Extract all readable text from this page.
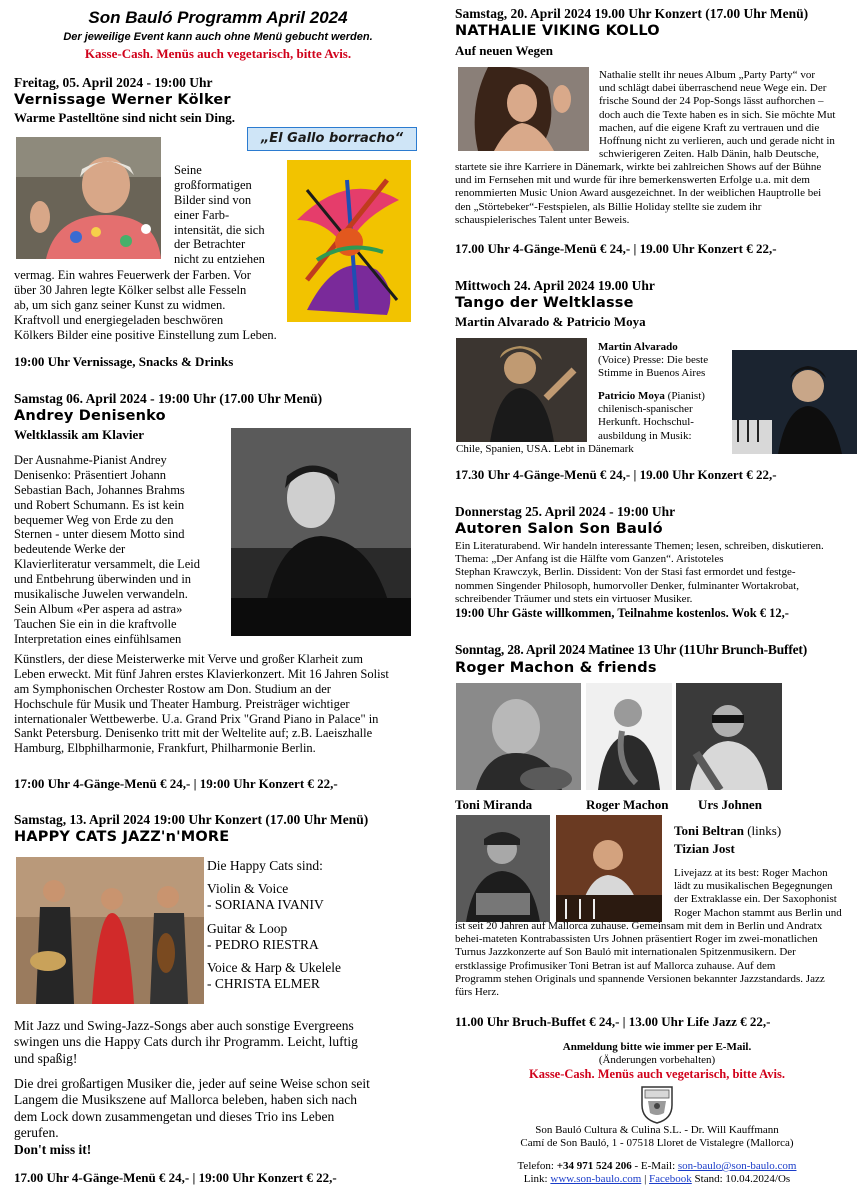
Son Bauló Programm April 2024
Der jeweilige Event kann auch ohne Menü gebucht werden.
Kasse-Cash. Menüs auch vegetarisch, bitte Avis.
Freitag, 05. April 2024 - 19:00 Uhr
Vernissage Werner Kölker
Warme Pastelltöne sind nicht sein Ding.
„El Gallo borracho“
Seine
großformatigen
Bilder sind von
einer Farb-
intensität, die sich
der Betrachter
nicht zu entziehen
vermag. Ein wahres Feuerwerk der Farben. Vor
über 30 Jahren legte Kölker selbst alle Fesseln
ab, um sich ganz seiner Kunst zu widmen.
Kraftvoll und energiegeladen beschwören
Kölkers Bilder eine positive Einstellung zum Leben.
19:00 Uhr Vernissage, Snacks & Drinks
Samstag 06. April 2024 - 19:00 Uhr (17.00 Uhr Menü)
Andrey Denisenko
Weltklassik am Klavier
Der Ausnahme-Pianist Andrey
Denisenko: Präsentiert Johann
Sebastian Bach, Johannes Brahms
und Robert Schumann. Es ist kein
bequemer Weg von Erde zu den
Sternen - unter diesem Motto sind
bedeutende Werke der
Klavierliteratur versammelt, die Leid
und Entbehrung überwinden und in
musikalische Juwelen verwandeln.
Sein Album «Per aspera ad astra»
Tauchen Sie ein in die kraftvolle
Interpretation eines einfühlsamen
Künstlers, der diese Meisterwerke mit Verve und großer Klarheit zum
Leben erweckt. Mit fünf Jahren erstes Klavierkonzert. Mit 16 Jahren Solist
am Symphonischen Orchester Rostow am Don. Studium an der
Hochschule für Musik und Theater Hamburg. Preisträger wichtiger
internationaler Wettbewerbe. U.a. Grand Prix "Grand Piano in Palace" in
Sankt Petersburg. Denisenko tritt mit der Weltelite auf; z.B. Laeiszhalle
Hamburg, Elbphilharmonie, Frankfurt, Philharmonie Berlin.
17:00 Uhr 4-Gänge-Menü € 24,- | 19:00 Uhr Konzert € 22,-
Samstag, 13. April 2024 19:00 Uhr Konzert (17.00 Uhr Menü)
HAPPY CATS JAZZ'n'MORE
Die Happy Cats sind:
Violin & Voice
- SORIANA IVANIV
Guitar & Loop
- PEDRO RIESTRA
Voice & Harp & Ukelele
- CHRISTA ELMER
Mit Jazz und Swing-Jazz-Songs aber auch sonstige Evergreens
swingen uns die Happy Cats durch ihr Programm. Leicht, luftig
und spaßig!
Die drei großartigen Musiker die, jeder auf seine Weise schon seit
Langem die Musikszene auf Mallorca beleben, haben sich nach
dem Lock down zusammengetan und dieses Trio ins Leben
gerufen.
Don't miss it!
17.00 Uhr 4-Gänge-Menü € 24,- | 19:00 Uhr Konzert € 22,-
Samstag, 20. April 2024 19.00 Uhr Konzert (17.00 Uhr Menü)
NATHALIE VIKING KOLLO
Auf neuen Wegen
Nathalie stellt ihr neues Album „Party Party“ vor
und schlägt dabei überraschend neue Wege ein. Der
frische Sound der 24 Pop-Songs lässt aufhorchen –
doch auch die Texte haben es in sich. Sie möchte Mut
machen, auf die eigene Kraft zu vertrauen und die
Hoffnung nicht zu verlieren, auch und gerade nicht in
schwierigeren Zeiten. Halb Dänin, halb Deutsche,
startete sie ihre Karriere in Dänemark, wirkte bei zahlreichen Shows auf der Bühne
und im Fernsehen mit und wurde für ihre bemerkenswerten Erfolge u.a. mit dem
renommierten Music Union Award ausgezeichnet. In der weiblichen Hauptrolle bei
den „Störtebeker“-Festspielen, als Billie Holiday stellte sie zudem ihr
schauspielerisches Talent unter Beweis.
17.00 Uhr 4-Gänge-Menü € 24,- | 19.00 Uhr Konzert € 22,-
Mittwoch 24. April 2024 19.00 Uhr
Tango der Weltklasse
Martin Alvarado & Patricio Moya
Martin Alvarado
(Voice) Presse: Die beste
Stimme in Buenos Aires
Patricio Moya (Pianist)
chilenisch-spanischer
Herkunft. Hochschul-
ausbildung in Musik:
Chile, Spanien, USA. Lebt in Dänemark
17.30 Uhr 4-Gänge-Menü € 24,- | 19.00 Uhr Konzert € 22,-
Donnerstag 25. April 2024 - 19:00 Uhr
Autoren Salon Son Bauló
Ein Literaturabend. Wir handeln interessante Themen; lesen, schreiben, diskutieren.
Thema: „Der Anfang ist die Hälfte vom Ganzen“. Aristoteles
Stephan Krawczyk, Berlin. Dissident: Von der Stasi fast ermordet und festge-
nommen Singender Philosoph, humorvoller Denker, fulminanter Wortakrobat,
schreibender Träumer und stets ein virtuoser Musiker.
19:00 Uhr Gäste willkommen, Teilnahme kostenlos. Wok € 12,-
Sonntag, 28. April 2024 Matinee 13 Uhr (11Uhr Brunch-Buffet)
Roger Machon & friends
Toni Miranda	Roger Machon Urs Johnen
Toni Beltran (links)
Tizian Jost
Livejazz at its best: Roger Machon
lädt zu musikalischen Begegnungen
der Extraklasse ein. Der Saxophonist
Roger Machon stammt aus Berlin und
ist seit 20 Jahren auf Mallorca zuhause. Gemeinsam mit dem in Berlin und Andratx
behei-mateten Kontrabassisten Urs Johnen präsentiert Roger im zwei-monatlichen
Turnus Jazzkonzerte auf Son Bauló mit internationalen Spitzenmusikern. Der
erstklassige Profimusiker Toni Betran ist auf Mallorca zuhause. Auf dem
Programm stehen Originals und spannende Versionen bekannter Jazzstandards. Jazz
fürs Herz.
11.00 Uhr Bruch-Buffet € 24,- | 13.00 Uhr Life Jazz € 22,-
Anmeldung bitte wie immer per E-Mail.
(Änderungen vorbehalten)
Kasse-Cash. Menüs auch vegetarisch, bitte Avis.
Son Bauló Cultura & Culina S.L. - Dr. Will Kauffmann
Camí de Son Bauló, 1 - 07518 Lloret de Vistalegre (Mallorca)
Telefon: +34 971 524 206 - E-Mail: son-baulo@son-baulo.com
Link: www.son-baulo.com | Facebook Stand: 10.04.2024/Os
